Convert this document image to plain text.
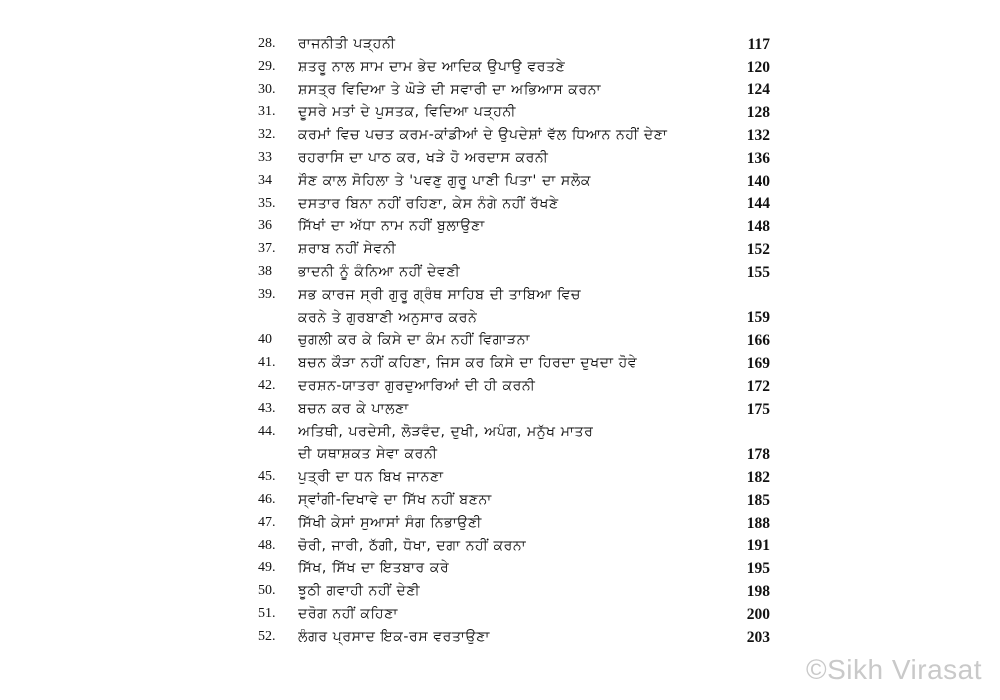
28.	ਰਾਜਨੀਤੀ ਪੜ੍ਹਨੀ	117
29.	ਸ਼ਤਰੂ ਨਾਲ ਸਾਮ ਦਾਮ ਭੇਦ ਆਦਿਕ ਉਪਾਉ ਵਰਤਣੇ	120
30.	ਸ਼ਸਤ੍ਰ ਵਿਦਿਆ ਤੇ ਘੋੜੇ ਦੀ ਸਵਾਰੀ ਦਾ ਅਭਿਆਸ ਕਰਨਾ	124
31.	ਦੂਸਰੇ ਮਤਾਂ ਦੇ ਪੁਸਤਕ, ਵਿਦਿਆ ਪੜ੍ਹਨੀ	128
32.	ਕਰਮਾਂ ਵਿਚ ਪਚਤ ਕਰਮ-ਕਾਂਡੀਆਂ ਦੇ ਉਪਦੇਸ਼ਾਂ ਵੱਲ ਧਿਆਨ ਨਹੀਂ ਦੇਣਾ	132
33	ਰਹਰਾਸਿ ਦਾ ਪਾਠ ਕਰ, ਖੜੇ ਹੋ ਅਰਦਾਸ ਕਰਨੀ	136
34	ਸੌਣ ਕਾਲ ਸੋਹਿਲਾ ਤੇ 'ਪਵਣੁ ਗੁਰੂ ਪਾਣੀ ਪਿਤਾ' ਦਾ ਸਲੋਕ	140
35.	ਦਸਤਾਰ ਬਿਨਾ ਨਹੀਂ ਰਹਿਣਾ, ਕੇਸ ਨੰਗੇ ਨਹੀਂ ਰੱਖਣੇ	144
36	ਸਿੱਖਾਂ ਦਾ ਅੱਧਾ ਨਾਮ ਨਹੀਂ ਬੁਲਾਉਣਾ	148
37.	ਸ਼ਰਾਬ ਨਹੀਂ ਸੇਵਨੀ	152
38	ਭਾਦਨੀ ਨੂੰ ਕੰਨਿਆ ਨਹੀਂ ਦੇਵਣੀ	155
39.	ਸਭ ਕਾਰਜ ਸ੍ਰੀ ਗੁਰੂ ਗ੍ਰੰਥ ਸਾਹਿਬ ਦੀ ਤਾਬਿਆ ਵਿਚ
ਕਰਨੇ ਤੇ ਗੁਰਬਾਣੀ ਅਨੁਸਾਰ ਕਰਨੇ	159
40	ਚੁਗਲੀ ਕਰ ਕੇ ਕਿਸੇ ਦਾ ਕੰਮ ਨਹੀਂ ਵਿਗਾੜਨਾ	166
41.	ਬਚਨ ਕੌੜਾ ਨਹੀਂ ਕਹਿਣਾ, ਜਿਸ ਕਰ ਕਿਸੇ ਦਾ ਹਿਰਦਾ ਦੁਖਦਾ ਹੋਵੇ	169
42.	ਦਰਸ਼ਨ-ਯਾਤਰਾ ਗੁਰਦੁਆਰਿਆਂ ਦੀ ਹੀ ਕਰਨੀ	172
43.	ਬਚਨ ਕਰ ਕੇ ਪਾਲਣਾ	175
44.	ਅਤਿਥੀ, ਪਰਦੇਸੀ, ਲੋੜਵੰਦ, ਦੁਖੀ, ਅਪੰਗ, ਮਨੁੱਖ ਮਾਤਰ
ਦੀ ਯਥਾਸ਼ਕਤ ਸੇਵਾ ਕਰਨੀ	178
45.	ਪੁਤ੍ਰੀ ਦਾ ਧਨ ਬਿਖ ਜਾਨਣਾ	182
46.	ਸ੍ਵਾਂਗੀ-ਦਿਖਾਵੇ ਦਾ ਸਿੱਖ ਨਹੀਂ ਬਣਨਾ	185
47.	ਸਿੱਖੀ ਕੇਸਾਂ ਸੁਆਸਾਂ ਸੰਗ ਨਿਭਾਉਣੀ	188
48.	ਚੋਰੀ, ਜਾਰੀ, ਠੱਗੀ, ਧੋਖਾ, ਦਗਾ ਨਹੀਂ ਕਰਨਾ	191
49.	ਸਿੱਖ, ਸਿੱਖ ਦਾ ਇਤਬਾਰ ਕਰੇ	195
50.	ਝੂਠੀ ਗਵਾਹੀ ਨਹੀਂ ਦੇਣੀ	198
51.	ਦਰੋਗ ਨਹੀਂ ਕਹਿਣਾ	200
52.	ਲੰਗਰ ਪ੍ਰਸਾਦ ਇਕ-ਰਸ ਵਰਤਾਉਣਾ	203
©Sikh Virasat
